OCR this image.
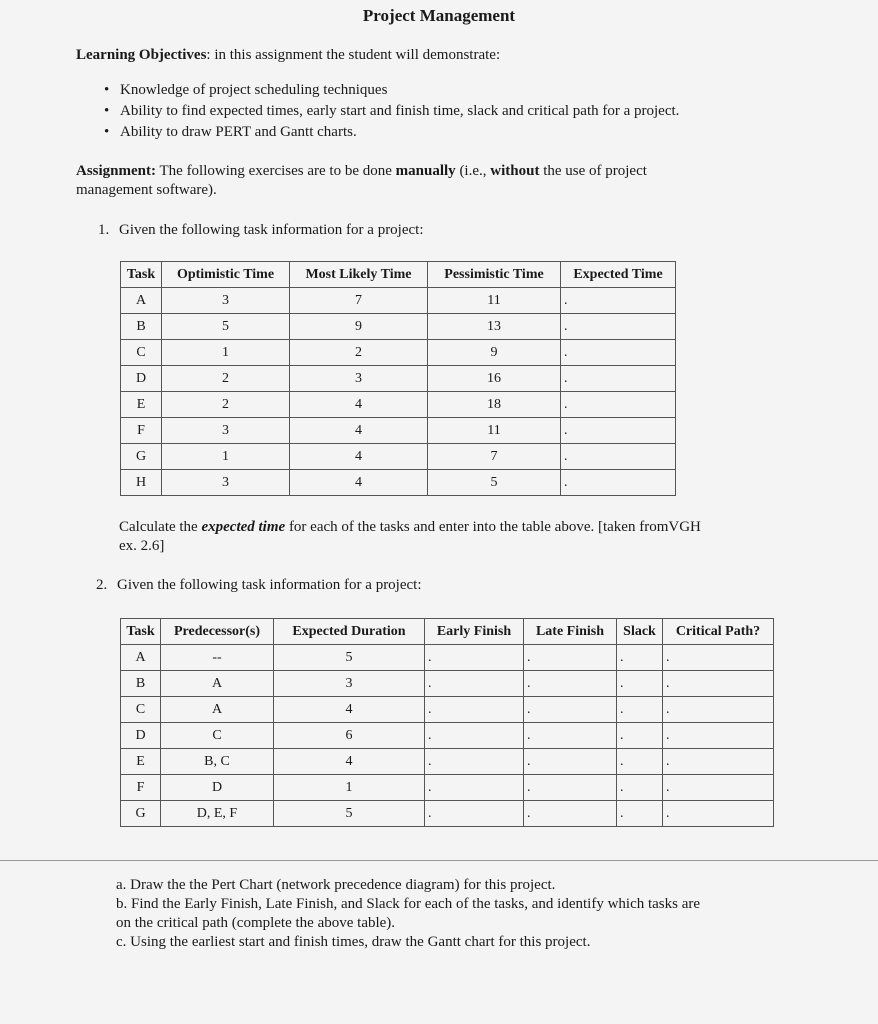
Project Management
Learning Objectives: in this assignment the student will demonstrate:
• Knowledge of project scheduling techniques
• Ability to find expected times, early start and finish time, slack and critical path for a project.
• Ability to draw PERT and Gantt charts.
Assignment: The following exercises are to be done manually (i.e., without the use of project
management software).
1. Given the following task information for a project:
Task	Optimistic Time	Most Likely Time	Pessimistic Time	Expected Time
A	3	7	11	.
B	5	9	13	.
C	1	2	9	.
D	2	3	16	.
E	2	4	18	.
F	3	4	11	.
G	1	4	7	.
H	3	4	5	.
Calculate the expected time for each of the tasks and enter into the table above. [taken fromVGH
ex. 2.6]
2. Given the following task information for a project:
Task	Predecessor(s)	Expected Duration	Early Finish	Late Finish	Slack	Critical Path?
A	--	5	.	.	.	.
B	A	3	.	.	.	.
C	A	4	.	.	.	.
D	C	6	.	.	.	.
E	B, C	4	.	.	.	.
F	D	1	.	.	.	.
G	D, E, F	5	.	.	.	.
a. Draw the the Pert Chart (network precedence diagram) for this project.
b. Find the Early Finish, Late Finish, and Slack for each of the tasks, and identify which tasks are
on the critical path (complete the above table).
c. Using the earliest start and finish times, draw the Gantt chart for this project.
